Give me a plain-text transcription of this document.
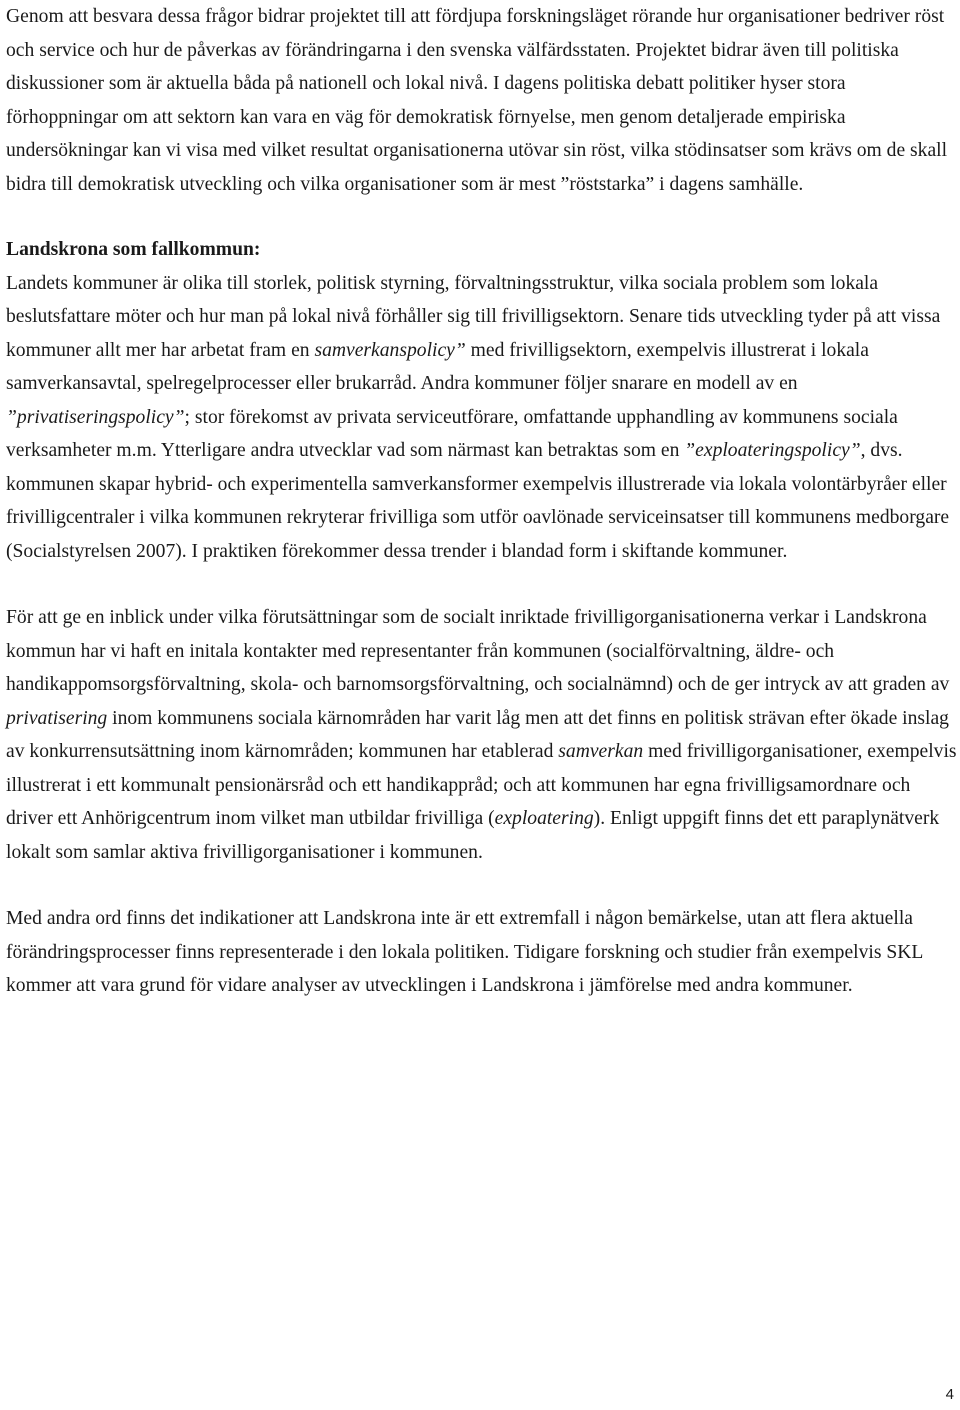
Genom att besvara dessa frågor bidrar projektet till att fördjupa forskningsläget rörande hur organisationer bedriver röst och service och hur de påverkas av förändringarna i den svenska välfärdsstaten. Projektet bidrar även till politiska diskussioner som är aktuella båda på nationell och lokal nivå. I dagens politiska debatt politiker hyser stora förhoppningar om att sektorn kan vara en väg för demokratisk förnyelse, men genom detaljerade empiriska undersökningar kan vi visa med vilket resultat organisationerna utövar sin röst, vilka stödinsatser som krävs om de skall bidra till demokratisk utveckling och vilka organisationer som är mest ”röststarka” i dagens samhälle.

Landskrona som fallkommun:

Landets kommuner är olika till storlek, politisk styrning, förvaltningsstruktur, vilka sociala problem som lokala beslutsfattare möter och hur man på lokal nivå förhåller sig till frivilligsektorn. Senare tids utveckling tyder på att vissa kommuner allt mer har arbetat fram en samverkanspolicy” med frivilligsektorn, exempelvis illustrerat i lokala samverkansavtal, spelregelprocesser eller brukarråd. Andra kommuner följer snarare en modell av en ”privatiseringspolicy”; stor förekomst av privata serviceutförare, omfattande upphandling av kommunens sociala verksamheter m.m. Ytterligare andra utvecklar vad som närmast kan betraktas som en ”exploateringspolicy”, dvs. kommunen skapar hybrid- och experimentella samverkansformer exempelvis illustrerade via lokala volontärbyråer eller frivilligcentraler i vilka kommunen rekryterar frivilliga som utför oavlönade serviceinsatser till kommunens medborgare (Socialstyrelsen 2007). I praktiken förekommer dessa trender i blandad form i skiftande kommuner.

För att ge en inblick under vilka förutsättningar som de socialt inriktade frivilligorganisationerna verkar i Landskrona kommun har vi haft en initala kontakter med representanter från kommunen (socialförvaltning, äldre- och handikappomsorgsförvaltning, skola- och barnomsorgsförvaltning, och socialnämnd) och de ger intryck av att graden av privatisering inom kommunens sociala kärnområden har varit låg men att det finns en politisk strävan efter ökade inslag av konkurrensutsättning inom kärnområden; kommunen har etablerad samverkan med frivilligorganisationer, exempelvis illustrerat i ett kommunalt pensionärsråd och ett handikappråd; och att kommunen har egna frivilligsamordnare och driver ett Anhörigcentrum inom vilket man utbildar frivilliga (exploatering). Enligt uppgift finns det ett paraplynätverk lokalt som samlar aktiva frivilligorganisationer i kommunen.

Med andra ord finns det indikationer att Landskrona inte är ett extremfall i någon bemärkelse, utan att flera aktuella förändringsprocesser finns representerade i den lokala politiken. Tidigare forskning och studier från exempelvis SKL kommer att vara grund för vidare analyser av utvecklingen i Landskrona i jämförelse med andra kommuner.

4
